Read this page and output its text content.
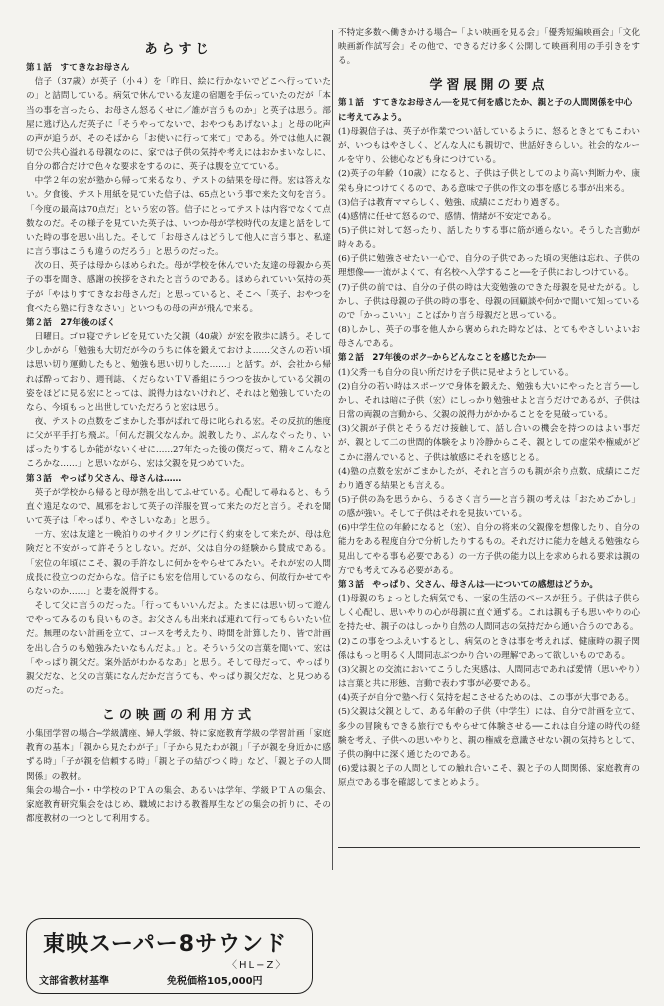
あらすじ
第１話　すてきなお母さん

信子（37歳）が英子（小４）を「昨日、絵に行かないでどこへ行っていたの」と詰問している。病気で休んでいる友達の宿題を手伝っていたのだが「本当の事を言ったら、お母さん怒るくせに／誰が言うものか」と英子は思う。部屋に逃げ込んだ英子に「そうやってないで、おやつもあげないよ」と母の叱声の声が追うが、そのそばから「お使いに行って来て」である。外では他人に親切で公共心溢れる母親なのに、家では子供の気持や考えにはおかまいなしに、自分の都合だけで色々な要求をするのに、英子は腹を立てている。

中学２年の宏が塾から帰って来るなり、テストの結果を母に得。宏は答えない。夕食後、テスト用紙を見ていた信子は、65点という事で来た文句を言う。「今度の最高は70点だ」という宏の答。信子にとってテストは内容でなくて点数なのだ。その様子を見ていた英子は、いつか母が学校時代の友達と話をしていた時の事を思い出した。そして「お母さんはどうして他人に言う事と、私達に言う事はこうも違うのだろう」と思うのだった。

次の日、英子は母からほめられた。母が学校を休んでいた友達の母親から英子の事を聞き、感謝の挨拶をされたと言うのである。ほめられていい気持の英子が「やはりすてきなお母さんだ」と思っていると、そこへ「英子、おやつを食べたら塾に行きなさい」といつもの母の声が飛んで来る。

第２話　27年後のぼく

日曜日。ゴロ寝でテレビを見ていた父親（40歳）が宏を散歩に誘う。そして少しかがら「勉強も大切だが今のうちに体を鍛えておけよ……父さんの若い頃は思い切り運動したもと、勉強も思い切りした……」と話す。が、会社から帰れば酔っており、週刊誌、くだらないＴＶ番組にうつつを抜かしている父親の姿をほどに見る宏にとっては、説得力はないけれど、それはと勉強していたのなら、今頃もっと出世していただろうと宏は思う。

夜、テストの点数をごまかした事がばれて母に叱られる宏。その反抗的態度に父が平手打ち飛ぶ。「何んだ親父なんか。説教したり、ぶんなぐったり、いばったりするしか能がないくせに……27年たった後の僕だって、精々こんなところかな……」と思いながら、宏は父親を見つめていた。

第３話　やっぱり父さん、母さんは……

英子が学校から帰ると母が熱を出してふせている。心配して尋ねると、もう直ぐ遠足なので、風邪をおして英子の洋服を買って来たのだと言う。それを聞いて英子は「やっぱり、やさしいなあ」と思う。

一方、宏は友達と一晩泊りのサイクリングに行く約束をして来たが、母は危険だと不安がって許そうとしない。だが、父は自分の経験から賛成である。「宏位の年頃にこそ、親の手許なしに何かをやらせてみたい。それが宏の人間成長に役立つのだからな。信子にも宏を信用しているのなら、何故行かせてやらないのか……」と妻を説得する。

そして父に言うのだった。「行ってもいいんだよ。たまには思い切って遊んでやってみるのも良いものさ。お父さんも出来れば連れて行ってもらいたい位だ。無理のない計画を立て、コースを考えたり、時間を計算したり、皆で計画を出し合うのも勉強みたいなもんだよ。」と。そういう父の言葉を聞いて、宏は「やっぱり親父だ。案外話がわかるなあ」と思う。そして母だって、やっぱり親父だな、と父の言葉になんだかだ言うても、やっぱり親父だな、と見つめるのだった。

この映画の利用方式

小集団学習の場合─学級講座、婦人学級、特に家庭教育学級の学習計画「家庭教育の基本」「親から見たわが子」「子から見たわが親」「子が親を身近かに感ずる時」「子が親を信頼する時」「親と子の結びつく時」など、「親と子の人間関係」の教材。

集会の場合─小・中学校のＰＴＡの集会、あるいは学年、学級ＰＴＡの集会、家庭教育研究集会をはじめ、職域における教養厚生などの集会の折りに、その都度教材の一つとして利用する。

不特定多数へ働きかける場合─「よい映画を見る会」「優秀短編映画会」「文化映画新作試写会」その他で、できるだけ多く公開して映画利用の手引きをする。

学習展開の要点
第１話　すてきなお母さん──を見て何を感じたか、親と子の人間関係を中心に考えてみよう。
(1)母親信子は、英子が作業でつい話しているように、怒るときとてもこわいが、いつもはやさしく、どんな人にも親切で、世話好きらしい。社会的なルールを守り、公徳心なども身につけている。
(2)英子の年齢（10歳）になると、子供は子供としてのより高い判断力や、康栄も身につけてくるので、ある意味で子供の作文の事を感じる事が出来る。
(3)信子は教育ママらしく、勉強、成績にこだわり過ぎる。
(4)感情に任せて怒るので、感情、情緒が不安定である。
(5)子供に対して怒ったり、話したりする事に筋が通らない。そうした言動が時々ある。
(6)子供に勉強させたい一心で、自分の子供であった頃の実態は忘れ、子供の理想像──一流がよくて、有名校へ入学すること──を子供におしつけている。
(7)子供の前では、自分の子供の時は大変勉強のできた母親を見せたがる。しかし、子供は母親の子供の時の事を、母親の回顧談や何かで聞いて知っているので「かっこいい」ことばかり言う母親だと思っている。
(8)しかし、英子の事を他人から褒められた時などは、とてもやさしいよいお母さんである。
第２話　27年後のボク─からどんなことを感じたか──
(1)父秀一も自分の良い所だけを子供に見せようとしている。
(2)自分の若い時はスポーツで身体を鍛えた、勉強も大いにやったと言う──しかし、それは暗に子供（宏）にしっかり勉強せよと言うだけであるが、子供は日常の両親の言動から、父親の説得力がかかることをを見破っている。
(3)父親が子供とそうるだけ接触して、話し合いの機会を持つのはよい事だが、親として二の世間的体験をより冷静からこそ、親としての虚栄や権威がどこかに潜んでいると、子供は敏感にそれを感じとる。
(4)塾の点数を宏がごまかしたが、それと言うのも親が余り点数、成績にこだわり過ぎる結果とも言える。
(5)子供の為を思うから、うるさく言う──と言う親の考えは「おためごかし」の感が強い。そして子供はそれを見抜いている。
(6)中学生位の年齢になると（宏）、自分の将来の父親像を想像したり、自分の能力をある程度自分で分析したりするもの。それだけに能力を越える勉強なら見出してやる事も必要である）の一方子供の能力以上を求められる要求は親の方でも考えてみる必要がある。
第３話　やっぱり、父さん、母さんは──についての感想はどうか。
(1)母親のちょっとした病気でも、一家の生活のペースが狂う。子供は子供らしく心配し、思いやりの心が母親に直ぐ通ずる。これは親も子も思いやりの心を持たせ、親子のはしっかり自然の人間同志の気持だから通い合うのである。
(2)この事をつふえいするとし、病気のときは事を考えれば、健康時の親子関係はもっと明るく人間同志ぶつかり合いの理解であって欲しいものである。
(3)父親との交流においてこうした実感は、人間同志であれば愛情（思いやり）は言葉と共に形態、言動で表わす事が必要である。
(4)英子が自分で塾へ行く気持を起こさせるためのは、この事が大事である。
(5)父親は父親として、ある年齢の子供（中学生）には、自分で計画を立て、多少の冒険もできる旅行でもやらせて体験させる──これは自分達の時代の経験を考え、子供への思いやりと、親の権威を意識させない親の気持ちとして、子供の胸中に深く通じたのである。
(6)愛は親と子の人間としての触れ合いこそ、親と子の人間関係、家庭教育の原点である事を確認してまとめよう。
東映スーパー8サウンド
〈HL−Z〉
文部省教材基準	免税価格105,000円
